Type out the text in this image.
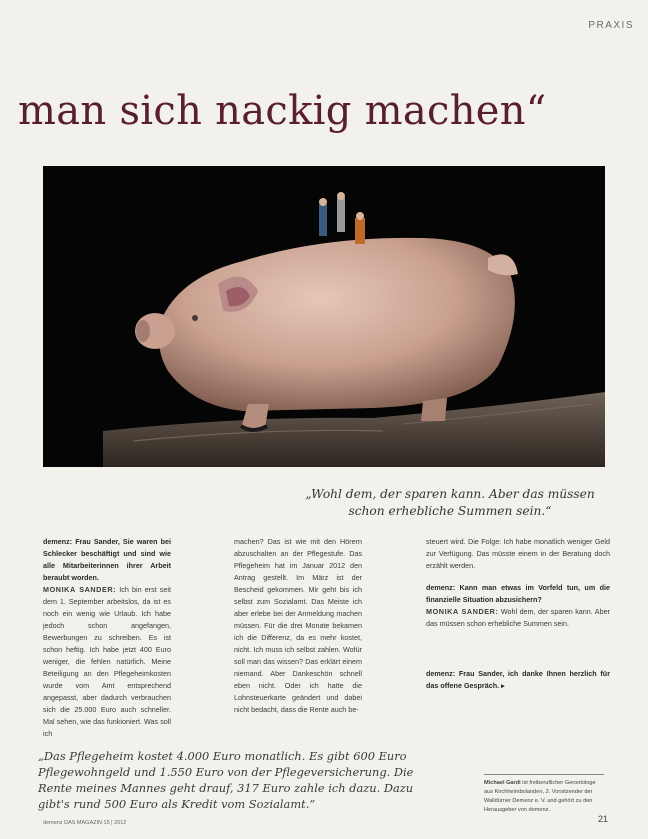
PRAXIS
man sich nackig machen“
„Wohl dem, der sparen kann. Aber das müssen schon erhebliche Summen sein.“

demenz: Frau Sander, Sie waren bei Schlecker beschäftigt und sind wie alle Mitarbeiterinnen ihrer Arbeit beraubt worden.

MONIKA SANDER: Ich bin erst seit dem 1. September arbeitslos, da ist es noch ein wenig wie Urlaub. Ich habe jedoch schon angefangen, Bewerbungen zu schreiben. Es ist schon heftig. Ich habe jetzt 400 Euro weniger, die fehlen natürlich. Meine Beteiligung an den Pflegeheimkosten wurde vom Amt entsprechend angepasst, aber dadurch verbrauchen sich die 25.000 Euro auch schneller. Mal sehen, wie das funkioniert. Was soll ich

machen? Das ist wie mit den Hörern abzuschalten an der Pflegestufe. Das Pflegeheim hat im Januar 2012 den Antrag gestellt. Im März ist der Bescheid gekommen. Mir geht bis ich selbst zum Sozialamt. Das Meiste ich aber erlebe bei der Anmeldung machen müssen. Für die drei Monate bekamen ich die Differenz, da es mehr kostet, nicht. Ich muss ich selbst zahlen. Wofür soll man das wissen? Das erklärt einem niemand. Aber Dankeschön schnell eben nicht. Oder ich hatte die Lohnsteuerkarte geändert und dabei nicht bedacht, dass die Rente auch be-

steuert wird. Die Folge: Ich habe monatlich weniger Geld zur Verfügung. Das müsste einem in der Beratung doch erzählt werden.

demenz: Kann man etwas im Vorfeld tun, um die finanzielle Situation abzusichern?

MONIKA SANDER: Wohl dem, der sparen kann. Aber das müssen schon erhebliche Summen sein.

demenz: Frau Sander, ich danke Ihnen herzlich für das offene Gespräch. ▸

„Das Pflegeheim kostet 4.000 Euro monatlich. Es gibt 600 Euro Pflegewohngeld und 1.550 Euro von der Pflegeversicherung. Die Rente meines Mannes geht drauf, 317 Euro zahle ich dazu. Dazu gibt's rund 500 Euro als Kredit vom Sozialamt.“
Michael Gardi ist freiberuflicher Gerontologe aus Kirchheimbolanden, 2. Vorsitzender der Walldürner Demenz e. V. und gehört zu den Herausgeber von demenz.
demenz DAS MAGAZIN 15 | 2012	21
